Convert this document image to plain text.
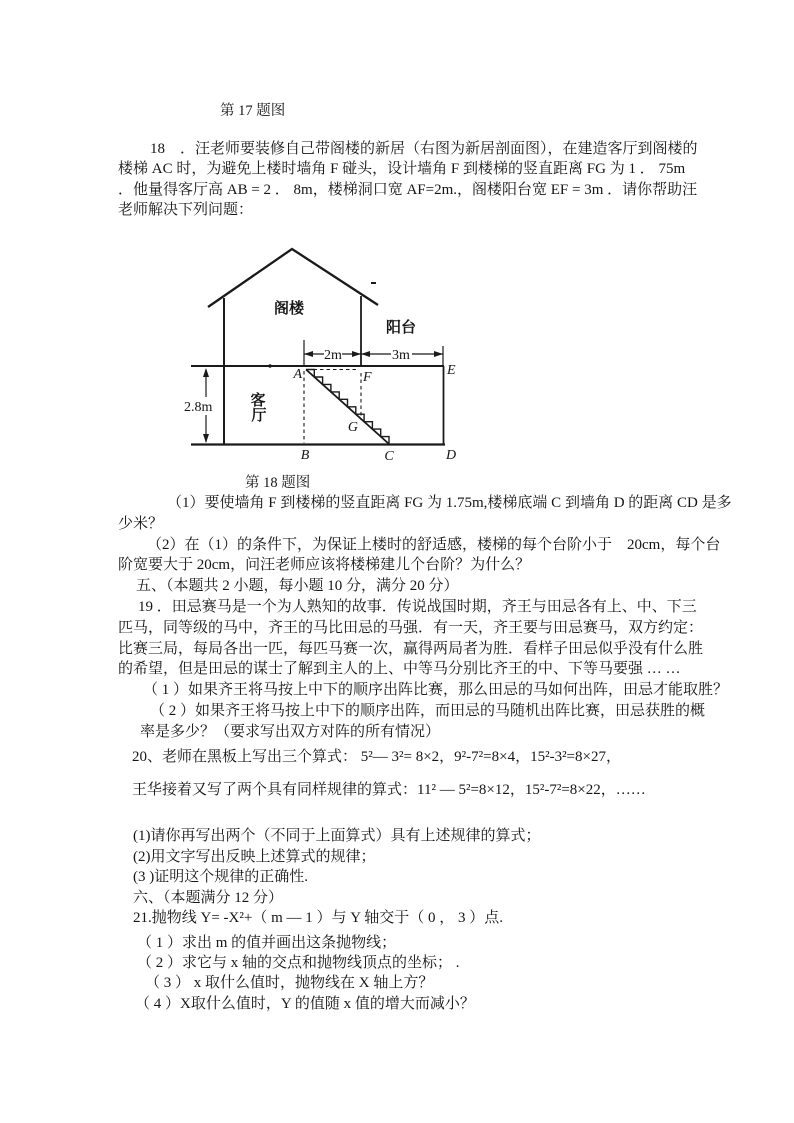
第 17 题图
18　．汪老师要装修自己带阁楼的新居（右图为新居剖面图），在建造客厅到阁楼的
楼梯 AC 时，为避免上楼时墙角 F 碰头，设计墙角 F 到楼梯的竖直距离 FG 为 1 ． 75m
．他量得客厅高 AB = 2 ． 8m，楼梯洞口宽 AF=2m.，阁楼阳台宽 EF = 3m ．请你帮助汪
老师解决下列问题：
阁楼
阳台
客
厅
2m	3m
2.8m
A	F	E
B	C	D
G
第 18 题图
（1）要使墙角 F 到楼梯的竖直距离 FG 为 1.75m,楼梯底端 C 到墙角 D 的距离 CD 是多
少米？
（2）在（1）的条件下，为保证上楼时的舒适感，楼梯的每个台阶小于　20cm，每个台
阶宽要大于 20cm，问汪老师应该将楼梯建儿个台阶？为什么？
五、（本题共 2 小题，每小题 10 分，满分 20 分）
19 ．田忌赛马是一个为人熟知的故事．传说战国时期，齐王与田忌各有上、中、下三
匹马，同等级的马中，齐王的马比田忌的马强．有一天，齐王要与田忌赛马，双方约定：
比赛三局，每局各出一匹，每匹马赛一次，赢得两局者为胜．看样子田忌似乎没有什么胜
的希望，但是田忌的谋士了解到主人的上、中等马分别比齐王的中、下等马要强 … …
（ 1 ）如果齐王将马按上中下的顺序出阵比赛，那么田忌的马如何出阵，田忌才能取胜？
（ 2 ）如果齐王将马按上中下的顺序出阵，而田忌的马随机出阵比赛，田忌获胜的概
率是多少？（要求写出双方对阵的所有情况）
20、老师在黑板上写出三个算式： 5²— 3²= 8×2，9²-7²=8×4，15²-3²=8×27，
王华接着又写了两个具有同样规律的算式：11² — 5²=8×12，15²-7²=8×22，……
(1)请你再写出两个（不同于上面算式）具有上述规律的算式；
(2)用文字写出反映上述算式的规律；
(3 )证明这个规律的正确性.
六、（本题满分 12 分）
21.抛物线 Y= -X²+（ m — 1 ）与 Y 轴交于（ 0 ， 3 ）点.
（ 1 ）求出 m 的值并画出这条抛物线；
（ 2 ）求它与 x 轴的交点和抛物线顶点的坐标； .
（ 3 ） x 取什么值时，抛物线在 X 轴上方？
（ 4 ）X取什么值时，Y 的值随 x 值的增大而减小？
